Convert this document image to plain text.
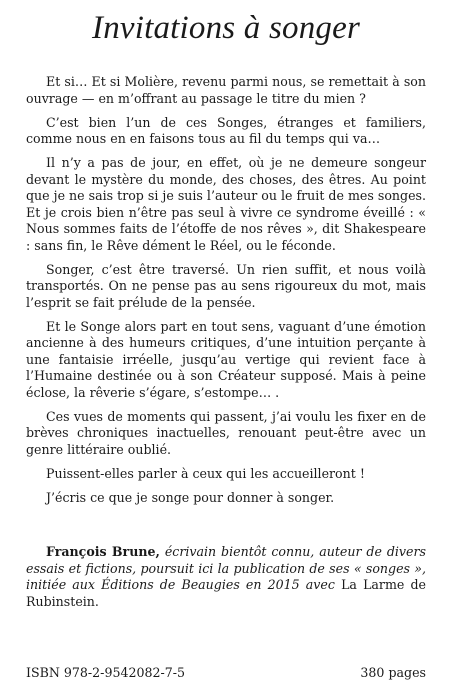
Invitations à songer

Et si… Et si Molière, revenu parmi nous, se remettait à son ouvrage — en m’offrant au passage le titre du mien ?

C’est bien l’un de ces Songes, étranges et familiers, comme nous en en faisons tous au fil du temps qui va…

Il n’y a pas de jour, en effet, où je ne demeure songeur devant le mystère du monde, des choses, des êtres. Au point que je ne sais trop si je suis l’auteur ou le fruit de mes songes. Et je crois bien n’être pas seul à vivre ce syndrome éveillé : « Nous sommes faits de l’étoffe de nos rêves », dit Shakespeare : sans fin, le Rêve dément le Réel, ou le féconde.

Songer, c’est être traversé. Un rien suffit, et nous voilà transportés. On ne pense pas au sens rigoureux du mot, mais l’esprit se fait prélude de la pensée.

Et le Songe alors part en tout sens, vaguant d’une émotion ancienne à des humeurs critiques, d’une intuition perçante à une fantaisie irréelle, jusqu’au vertige qui revient face à l’Humaine destinée ou à son Créateur supposé. Mais à peine éclose, la rêverie s’égare, s’estompe… .

Ces vues de moments qui passent, j’ai voulu les fixer en de brèves chroniques inactuelles, renouant peut-être avec un genre littéraire oublié.

Puissent-elles parler à ceux qui les accueilleront !

J’écris ce que je songe pour donner à songer.

François Brune, écrivain bientôt connu, auteur de divers essais et fictions, poursuit ici la publication de ses « songes », initiée aux Éditions de Beaugies en 2015 avec La Larme de Rubinstein.

ISBN 978-2-9542082-7-5	380 pages
